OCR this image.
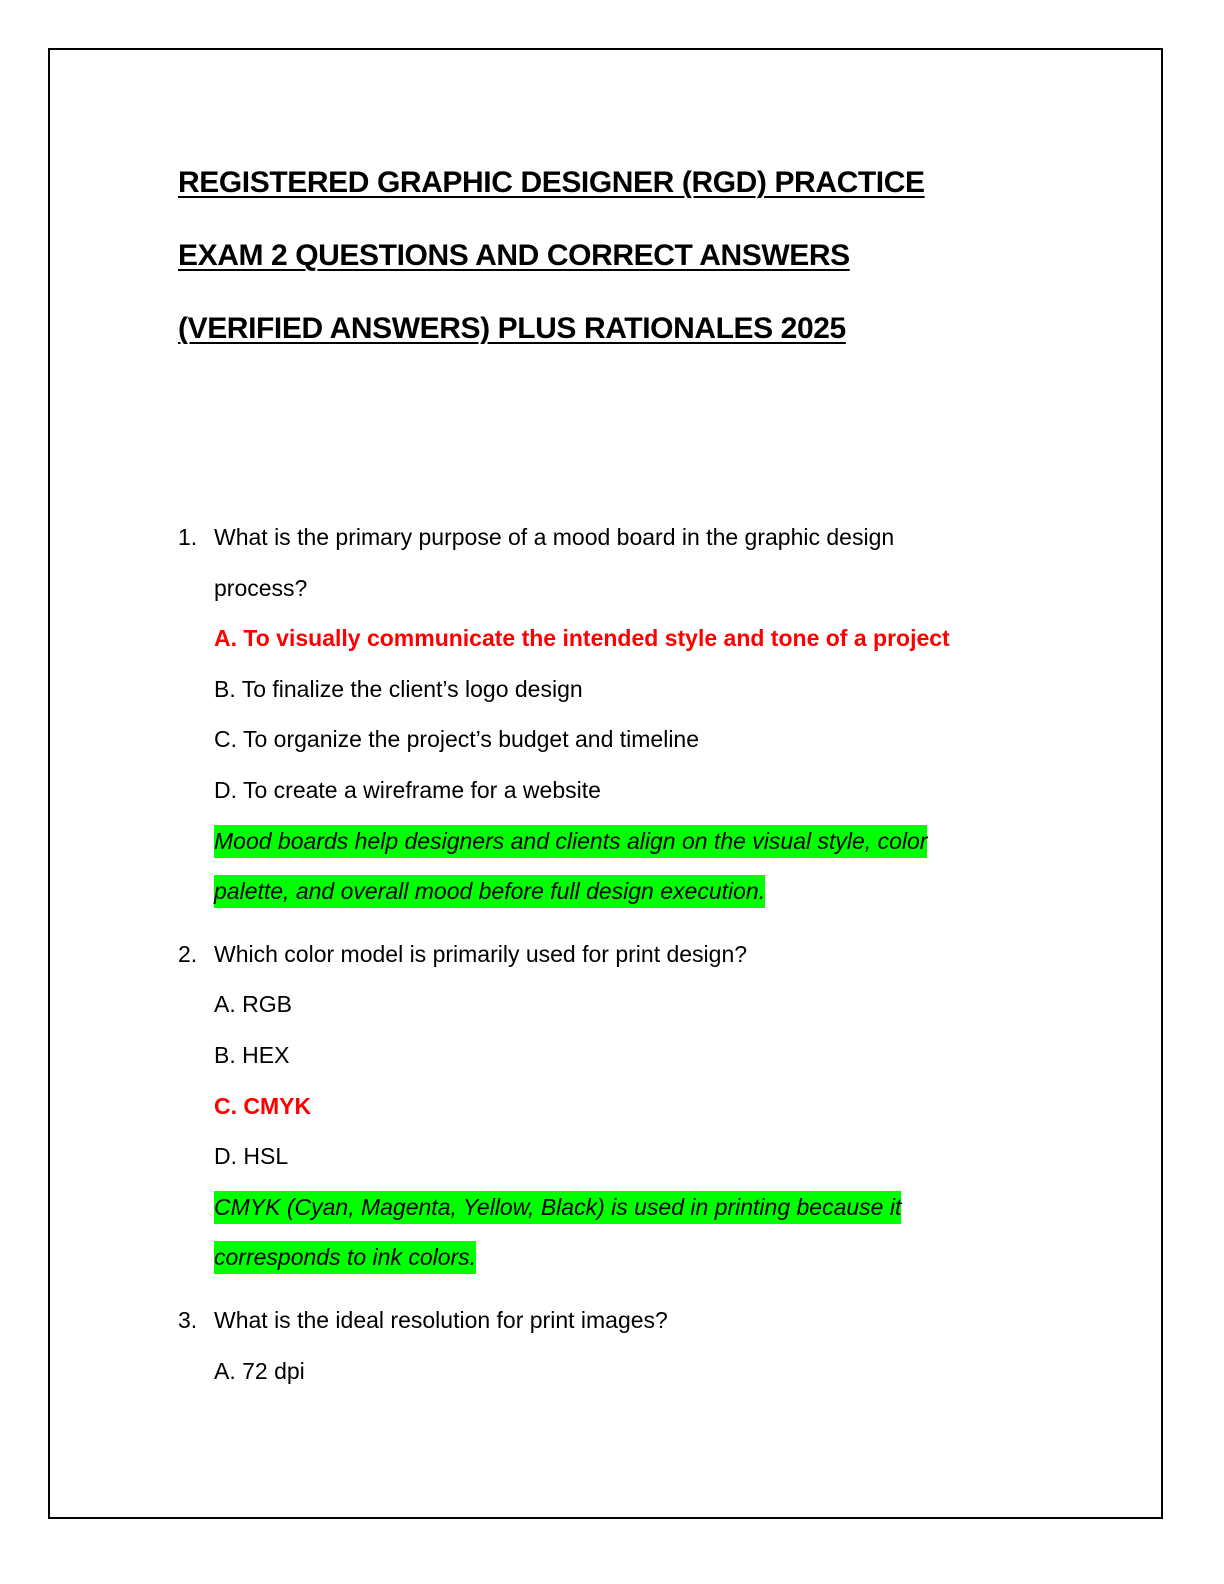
REGISTERED GRAPHIC DESIGNER (RGD) PRACTICE
EXAM 2 QUESTIONS AND CORRECT ANSWERS
(VERIFIED ANSWERS) PLUS RATIONALES 2025
1. What is the primary purpose of a mood board in the graphic design
process?
A. To visually communicate the intended style and tone of a project
B. To finalize the client’s logo design
C. To organize the project’s budget and timeline
D. To create a wireframe for a website
Mood boards help designers and clients align on the visual style, color
palette, and overall mood before full design execution.
2. Which color model is primarily used for print design?
A. RGB
B. HEX
C. CMYK
D. HSL
CMYK (Cyan, Magenta, Yellow, Black) is used in printing because it
corresponds to ink colors.
3. What is the ideal resolution for print images?
A. 72 dpi
